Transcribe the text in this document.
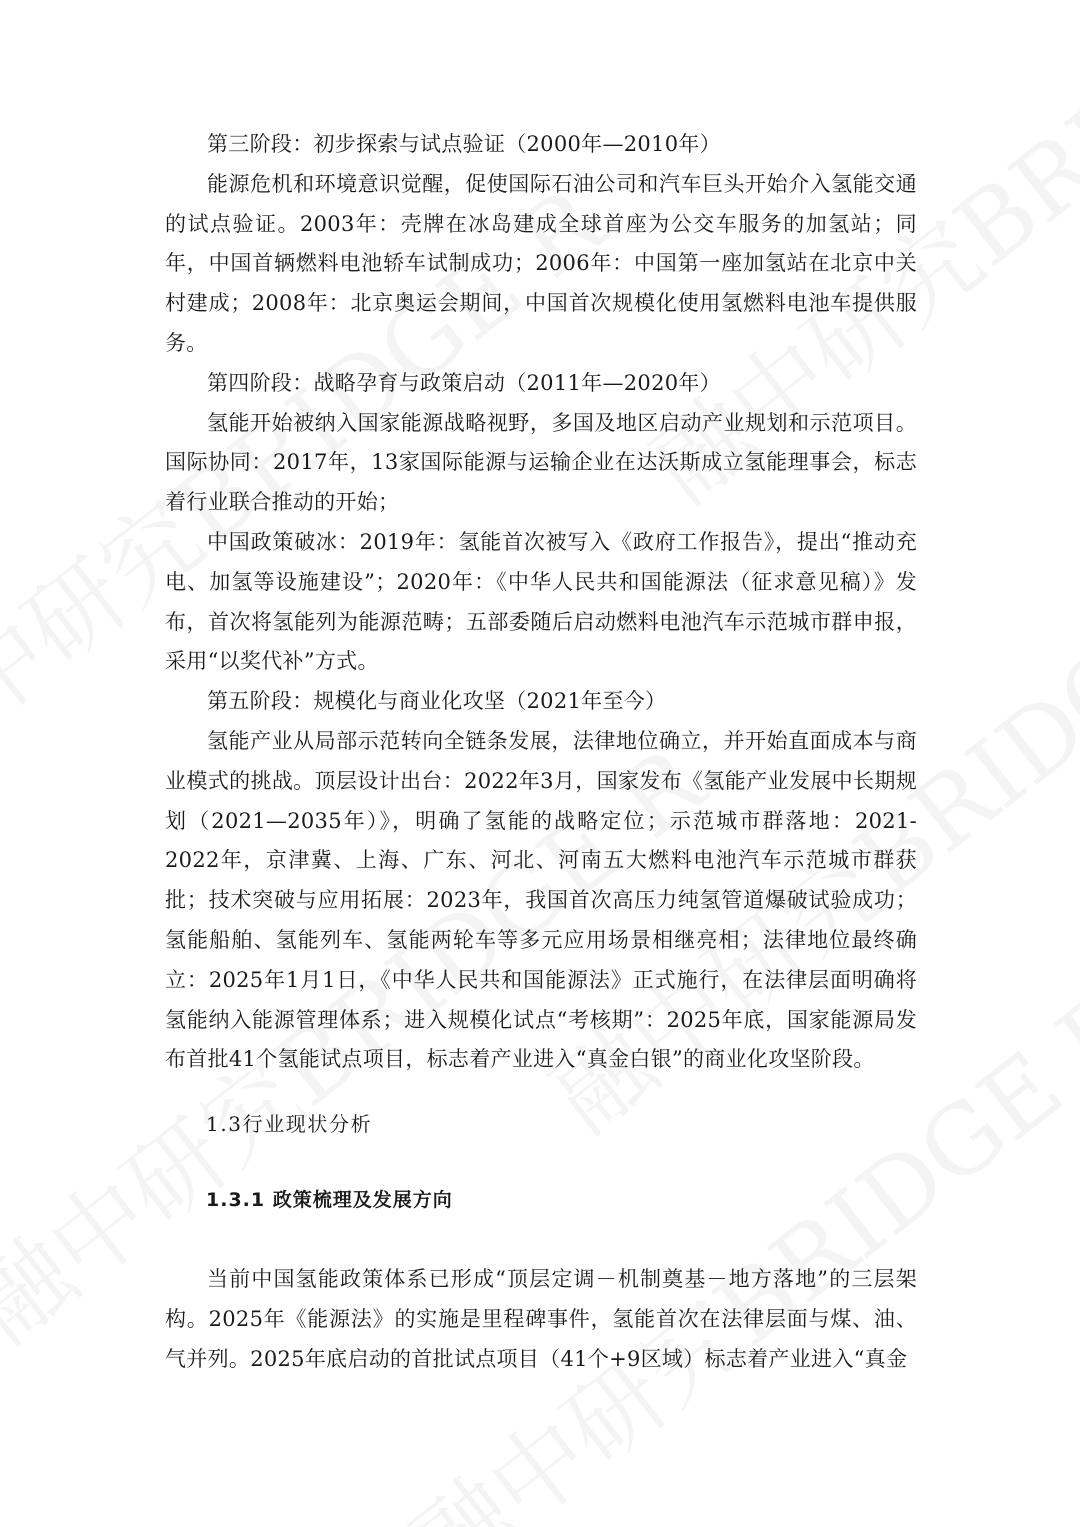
第三阶段：初步探索与试点验证（2000年—2010年）

能源危机和环境意识觉醒，促使国际石油公司和汽车巨头开始介入氢能交通的试点验证。2003年：壳牌在冰岛建成全球首座为公交车服务的加氢站；同年，中国首辆燃料电池轿车试制成功；2006年：中国第一座加氢站在北京中关村建成；2008年：北京奥运会期间，中国首次规模化使用氢燃料电池车提供服务。

第四阶段：战略孕育与政策启动（2011年—2020年）

氢能开始被纳入国家能源战略视野，多国及地区启动产业规划和示范项目。国际协同：2017年，13家国际能源与运输企业在达沃斯成立氢能理事会，标志着行业联合推动的开始；

中国政策破冰：2019年：氢能首次被写入《政府工作报告》，提出“推动充电、加氢等设施建设”；2020年：《中华人民共和国能源法（征求意见稿）》发布，首次将氢能列为能源范畴；五部委随后启动燃料电池汽车示范城市群申报，采用“以奖代补”方式。

第五阶段：规模化与商业化攻坚（2021年至今）

氢能产业从局部示范转向全链条发展，法律地位确立，并开始直面成本与商业模式的挑战。顶层设计出台：2022年3月，国家发布《氢能产业发展中长期规划（2021—2035年）》，明确了氢能的战略定位；示范城市群落地：2021-2022年，京津冀、上海、广东、河北、河南五大燃料电池汽车示范城市群获批；技术突破与应用拓展：2023年，我国首次高压力纯氢管道爆破试验成功；氢能船舶、氢能列车、氢能两轮车等多元应用场景相继亮相；法律地位最终确立：2025年1月1日，《中华人民共和国能源法》正式施行，在法律层面明确将氢能纳入能源管理体系；进入规模化试点“考核期”：2025年底，国家能源局发布首批41个氢能试点项目，标志着产业进入“真金白银”的商业化攻坚阶段。

1.3行业现状分析

1.3.1 政策梳理及发展方向

当前中国氢能政策体系已形成“顶层定调－机制奠基－地方落地”的三层架构。2025年《能源法》的实施是里程碑事件，氢能首次在法律层面与煤、油、气并列。2025年底启动的首批试点项目（41个+9区域）标志着产业进入“真金
